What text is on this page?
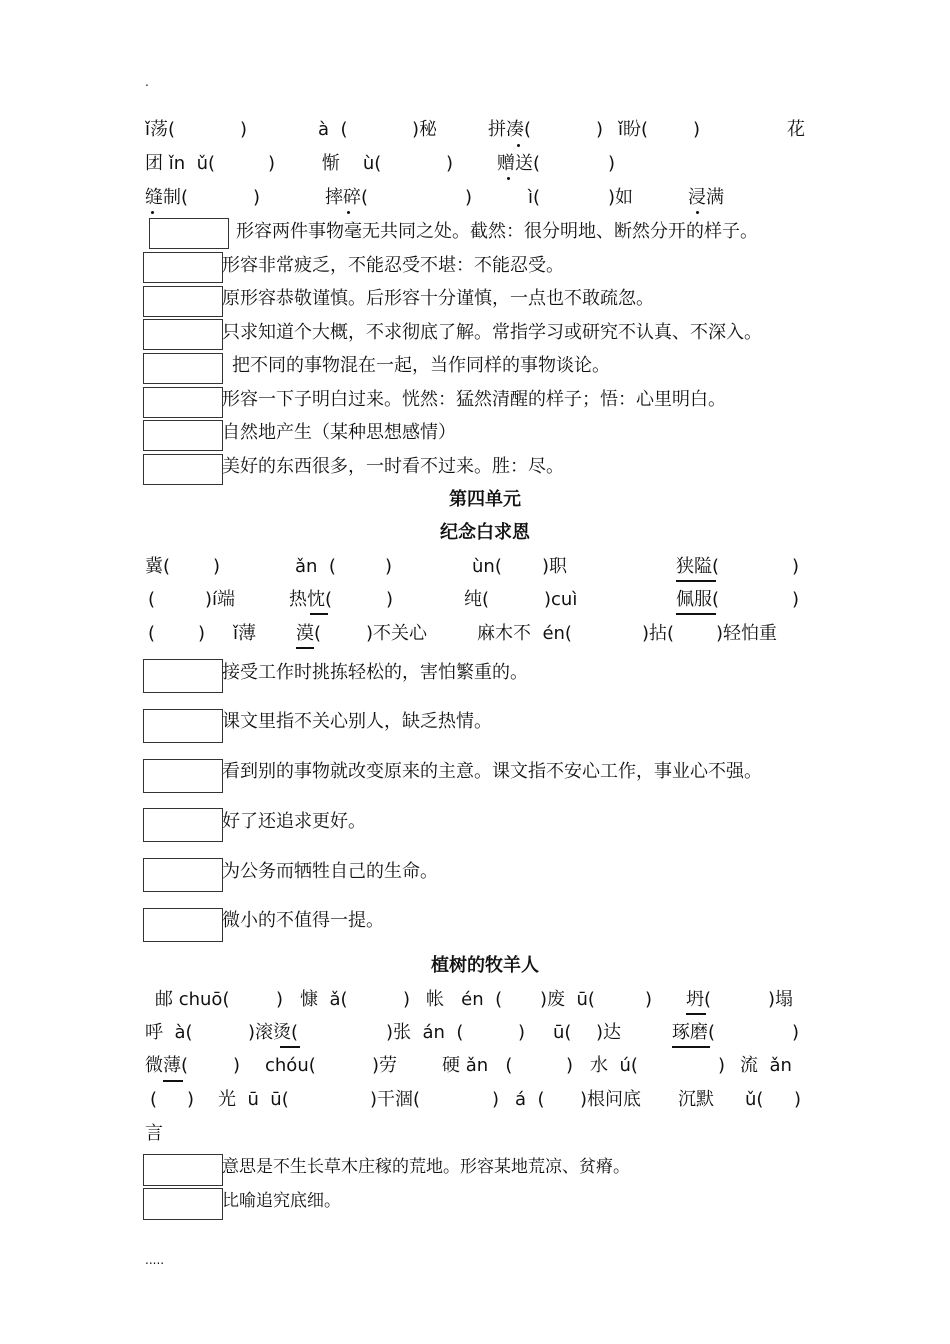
.
ǐ荡(	)	à  (	)秘	拼凑(	) ǐ盼( )	花
团 ǐn  ǔ(	)	惭    ù(	) 赠送(	)
缝制(	)	摔碎(	)	ì(	)如	浸满
形容两件事物毫无共同之处。截然：很分明地、断然分开的样子。
形容非常疲乏，不能忍受不堪：不能忍受。
原形容恭敬谨慎。后形容十分谨慎，一点也不敢疏忽。
只求知道个大概，不求彻底了解。常指学习或研究不认真、不深入。
把不同的事物混在一起，当作同样的事物谈论。
形容一下子明白过来。恍然：猛然清醒的样子；悟：心里明白。
自然地产生（某种思想感情）
美好的东西很多，一时看不过来。胜：尽。
第四单元
纪念白求恩
冀( )	ǎn  (	)	ùn( )职	狭隘(	)
(	)í端	热忱(	)	纯(	)cuì	佩服(	)
( ) ǐ薄 漠( )不关心	麻木不  én(	)拈( )轻怕重
接受工作时挑拣轻松的，害怕繁重的。
课文里指不关心别人，缺乏热情。
看到别的事物就改变原来的主意。课文指不安心工作，事业心不强。
好了还追求更好。
为公务而牺牲自己的生命。
微小的不值得一提。
植树的牧羊人
邮 chuō(	) 慷  ǎ(	) 帐   én  ( )废  ū(	) 坍(	)塌
呼  à(	)滚烫(	)张  án  (	) ū( )达	琢磨(	)
微薄( ) chóu(	)劳 硬 ǎn   (	) 水  ú(	) 流  ǎn
( ) 光  ū  ū(	)干涸(	) á  ( )根问底 沉默 ǔ( )
言
意思是不生长草木庄稼的荒地。形容某地荒凉、贫瘠。
比喻追究底细。
.....
